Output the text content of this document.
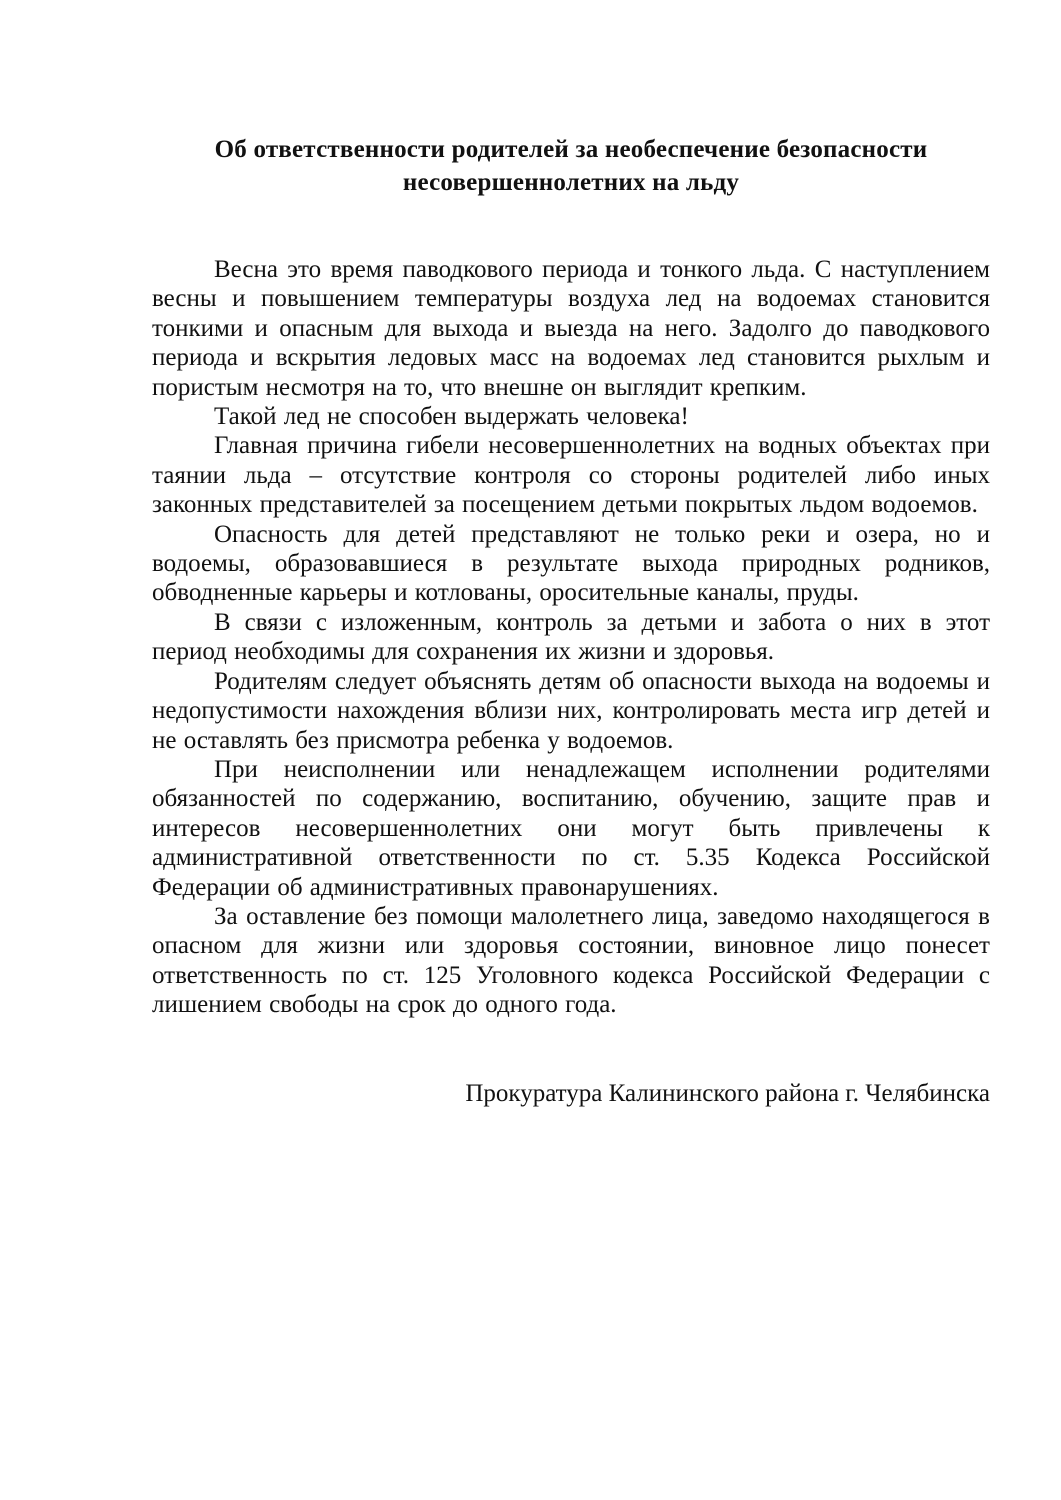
Об ответственности родителей за необеспечение безопасности несовершеннолетних на льду

Весна это время паводкового периода и тонкого льда. С наступлением весны и повышением температуры воздуха лед на водоемах становится тонкими и опасным для выхода и выезда на него. Задолго до паводкового периода и вскрытия ледовых масс на водоемах лед становится рыхлым и пористым несмотря на то, что внешне он выглядит крепким.

Такой лед не способен выдержать человека!

Главная причина гибели несовершеннолетних на водных объектах при таянии льда – отсутствие контроля со стороны родителей либо иных законных представителей за посещением детьми покрытых льдом водоемов.

Опасность для детей представляют не только реки и озера, но и водоемы, образовавшиеся в результате выхода природных родников, обводненные карьеры и котлованы, оросительные каналы, пруды.

В связи с изложенным, контроль за детьми и забота о них в этот период необходимы для сохранения их жизни и здоровья.

Родителям следует объяснять детям об опасности выхода на водоемы и недопустимости нахождения вблизи них, контролировать места игр детей и не оставлять без присмотра ребенка у водоемов.

При неисполнении или ненадлежащем исполнении родителями обязанностей по содержанию, воспитанию, обучению, защите прав и интересов несовершеннолетних они могут быть привлечены к административной ответственности по ст. 5.35 Кодекса Российской Федерации об административных правонарушениях.

За оставление без помощи малолетнего лица, заведомо находящегося в опасном для жизни или здоровья состоянии, виновное лицо понесет ответственность по ст. 125 Уголовного кодекса Российской Федерации с лишением свободы на срок до одного года.

Прокуратура Калининского района г. Челябинска
